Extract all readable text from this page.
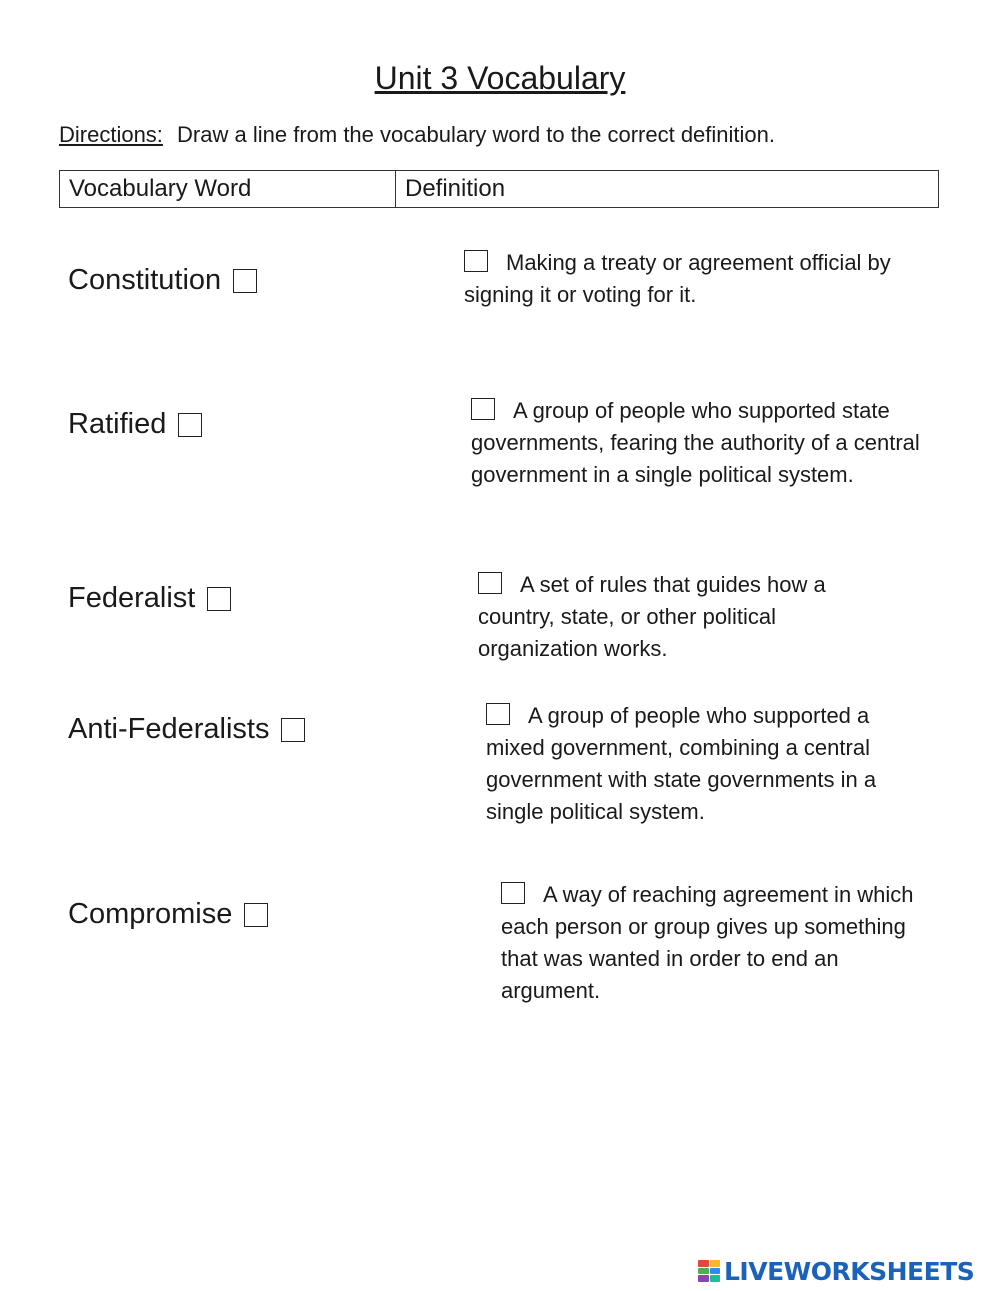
Unit 3 Vocabulary
Directions: Draw a line from the vocabulary word to the correct definition.
Vocabulary Word	Definition
Constitution
Ratified
Federalist
Anti-Federalists
Compromise
Making a treaty or agreement official by signing it or voting for it.
A group of people who supported state governments, fearing the authority of a central government in a single political system.
A set of rules that guides how a country, state, or other political organization works.
A group of people who supported a mixed government, combining a central government with state governments in a single political system.
A way of reaching agreement in which each person or group gives up something that was wanted in order to end an argument.
LIVEWORKSHEETS
